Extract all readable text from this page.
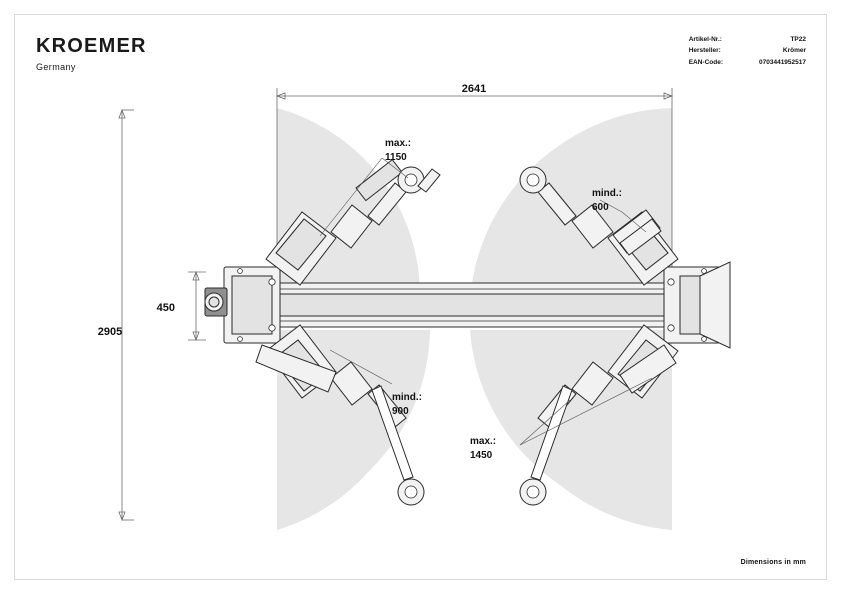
KROEMER
Germany
Artikel-Nr.:	TP22
Hersteller:	Krömer
EAN-Code:	0703441952517
Dimensions in mm
2641
2905
450
max.:
1150
mind.:
600
mind.:
900
max.:
1450
